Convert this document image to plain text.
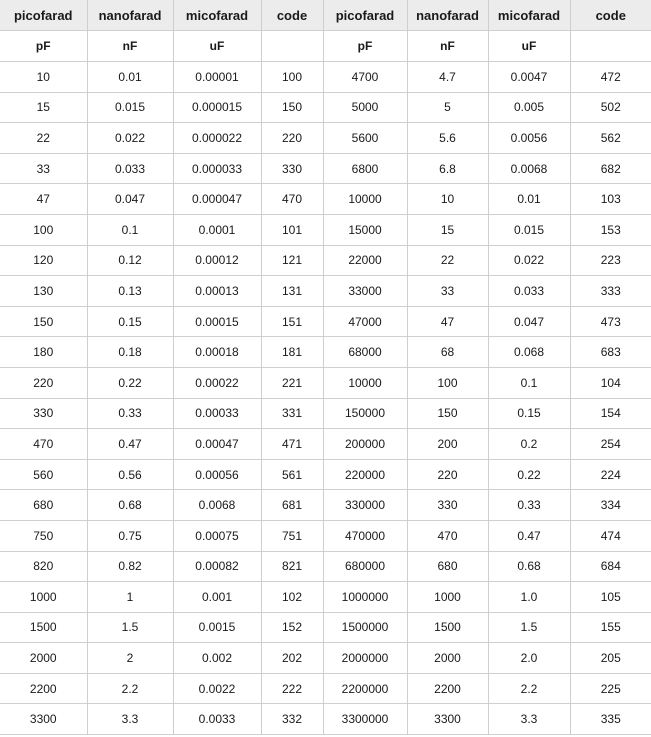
picofarad	nanofarad	micofarad	code	picofarad	nanofarad	micofarad	code
pF	nF	uF		pF	nF	uF	
10	0.01	0.00001	100	4700	4.7	0.0047	472
15	0.015	0.000015	150	5000	5	0.005	502
22	0.022	0.000022	220	5600	5.6	0.0056	562
33	0.033	0.000033	330	6800	6.8	0.0068	682
47	0.047	0.000047	470	10000	10	0.01	103
100	0.1	0.0001	101	15000	15	0.015	153
120	0.12	0.00012	121	22000	22	0.022	223
130	0.13	0.00013	131	33000	33	0.033	333
150	0.15	0.00015	151	47000	47	0.047	473
180	0.18	0.00018	181	68000	68	0.068	683
220	0.22	0.00022	221	10000	100	0.1	104
330	0.33	0.00033	331	150000	150	0.15	154
470	0.47	0.00047	471	200000	200	0.2	254
560	0.56	0.00056	561	220000	220	0.22	224
680	0.68	0.0068	681	330000	330	0.33	334
750	0.75	0.00075	751	470000	470	0.47	474
820	0.82	0.00082	821	680000	680	0.68	684
1000	1	0.001	102	1000000	1000	1.0	105
1500	1.5	0.0015	152	1500000	1500	1.5	155
2000	2	0.002	202	2000000	2000	2.0	205
2200	2.2	0.0022	222	2200000	2200	2.2	225
3300	3.3	0.0033	332	3300000	3300	3.3	335
